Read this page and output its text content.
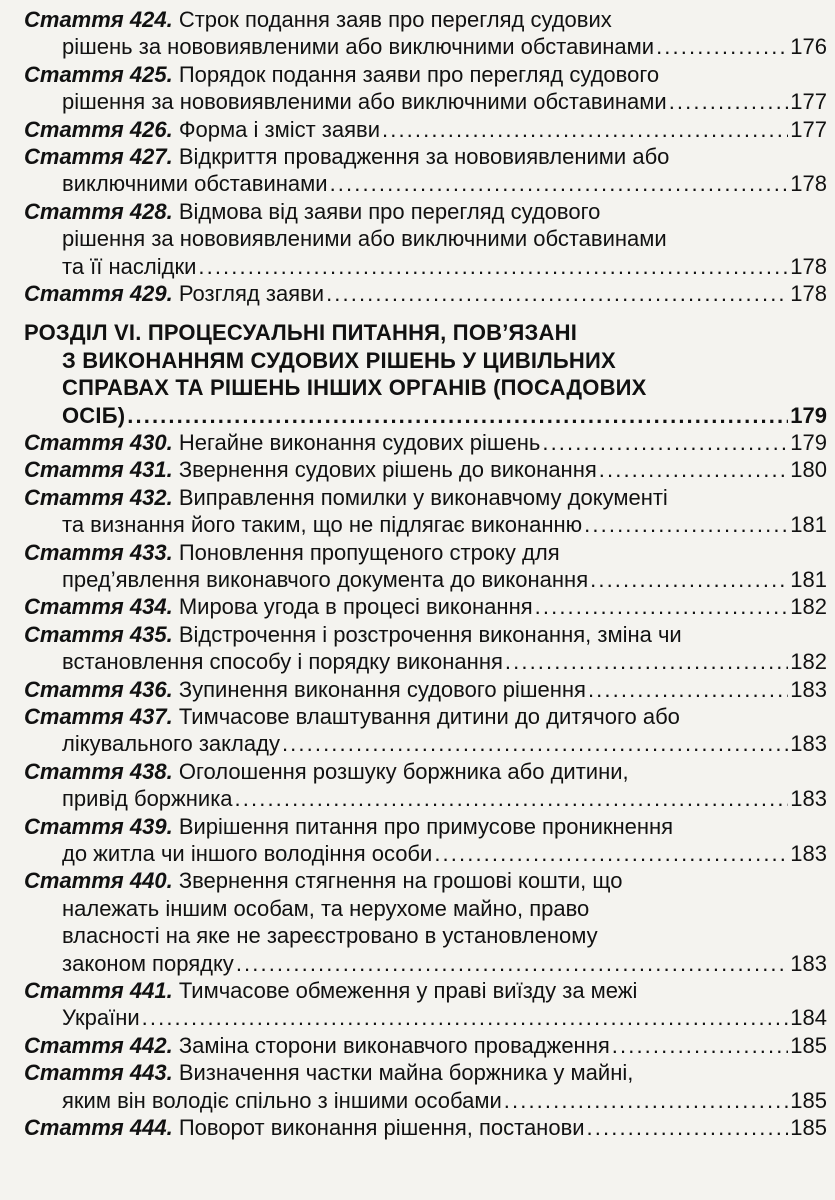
Стаття 424. Строк подання заяв про перегляд судових
рішень за нововиявленими або виключними обставинами . . .	176
Стаття 425. Порядок подання заяви про перегляд судового
рішення за нововиявленими або виключними обставинами . . .	177
Стаття 426. Форма і зміст заяви . . .	177
Стаття 427. Відкриття провадження за нововиявленими або
виключними обставинами . . .	178
Стаття 428. Відмова від заяви про перегляд судового
рішення за нововиявленими або виключними обставинами
та її наслідки . . .	178
Стаття 429. Розгляд заяви . . .	178
РОЗДІЛ VI. ПРОЦЕСУАЛЬНІ ПИТАННЯ, ПОВ’ЯЗАНІ
З ВИКОНАННЯМ СУДОВИХ РІШЕНЬ У ЦИВІЛЬНИХ
СПРАВАХ ТА РІШЕНЬ ІНШИХ ОРГАНІВ (ПОСАДОВИХ
ОСІБ) . . .	179
Стаття 430. Негайне виконання судових рішень . . .	179
Стаття 431. Звернення судових рішень до виконання . . .	180
Стаття 432. Виправлення помилки у виконавчому документі
та визнання його таким, що не підлягає виконанню . . .	181
Стаття 433. Поновлення пропущеного строку для
пред’явлення виконавчого документа до виконання . . .	181
Стаття 434. Мирова угода в процесі виконання . . .	182
Стаття 435. Відстрочення і розстрочення виконання, зміна чи
встановлення способу і порядку виконання . . .	182
Стаття 436. Зупинення виконання судового рішення . . .	183
Стаття 437. Тимчасове влаштування дитини до дитячого або
лікувального закладу . . .	183
Стаття 438. Оголошення розшуку боржника або дитини,
привід боржника . . .	183
Стаття 439. Вирішення питання про примусове проникнення
до житла чи іншого володіння особи . . .	183
Стаття 440. Звернення стягнення на грошові кошти, що
належать іншим особам, та нерухоме майно, право
власності на яке не зареєстровано в установленому
законом порядку . . .	183
Стаття 441. Тимчасове обмеження у праві виїзду за межі
України . . .	184
Стаття 442. Заміна сторони виконавчого провадження . . .	185
Стаття 443. Визначення частки майна боржника у майні,
яким він володіє спільно з іншими особами . . .	185
Стаття 444. Поворот виконання рішення, постанови . . .	185
